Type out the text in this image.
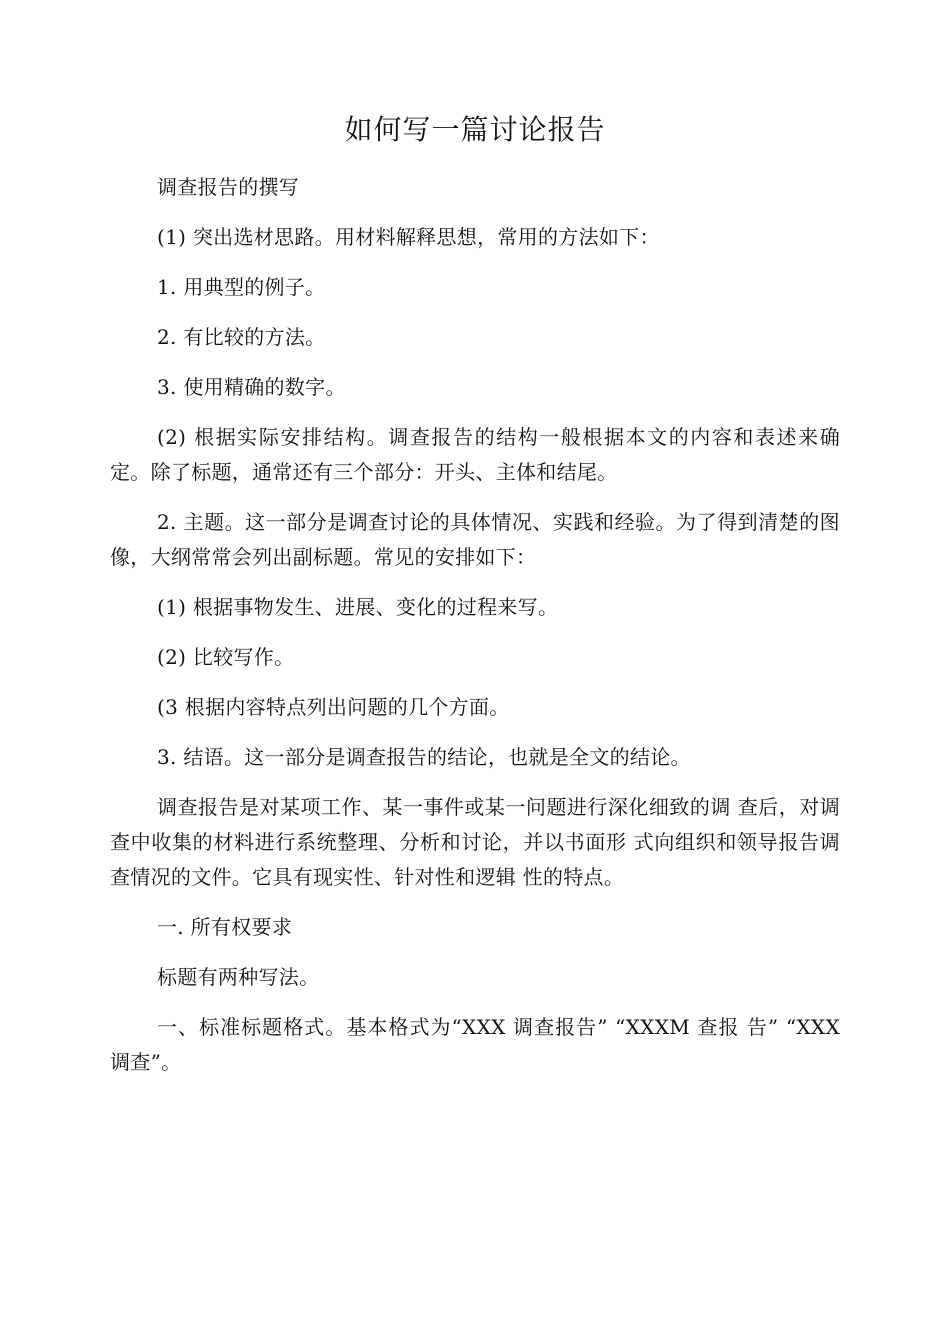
如何写一篇讨论报告

调查报告的撰写

(1) 突出选材思路。用材料解释思想，常用的方法如下：

1. 用典型的例子。

2. 有比较的方法。

3. 使用精确的数字。

(2) 根据实际安排结构。调查报告的结构一般根据本文的内容和表述来确定。除了标题，通常还有三个部分：开头、主体和结尾。

2. 主题。这一部分是调查讨论的具体情况、实践和经验。为了得到清楚的图像，大纲常常会列出副标题。常见的安排如下：

(1) 根据事物发生、进展、变化的过程来写。

(2) 比较写作。

(3 根据内容特点列出问题的几个方面。

3. 结语。这一部分是调查报告的结论，也就是全文的结论。

调查报告是对某项工作、某一事件或某一问题进行深化细致的调 查后，对调查中收集的材料进行系统整理、分析和讨论，并以书面形 式向组织和领导报告调查情况的文件。它具有现实性、针对性和逻辑 性的特点。

一. 所有权要求

标题有两种写法。

一、标准标题格式。基本格式为“XXX 调查报告” “XXXM 查报 告” “XXX 调查”。
